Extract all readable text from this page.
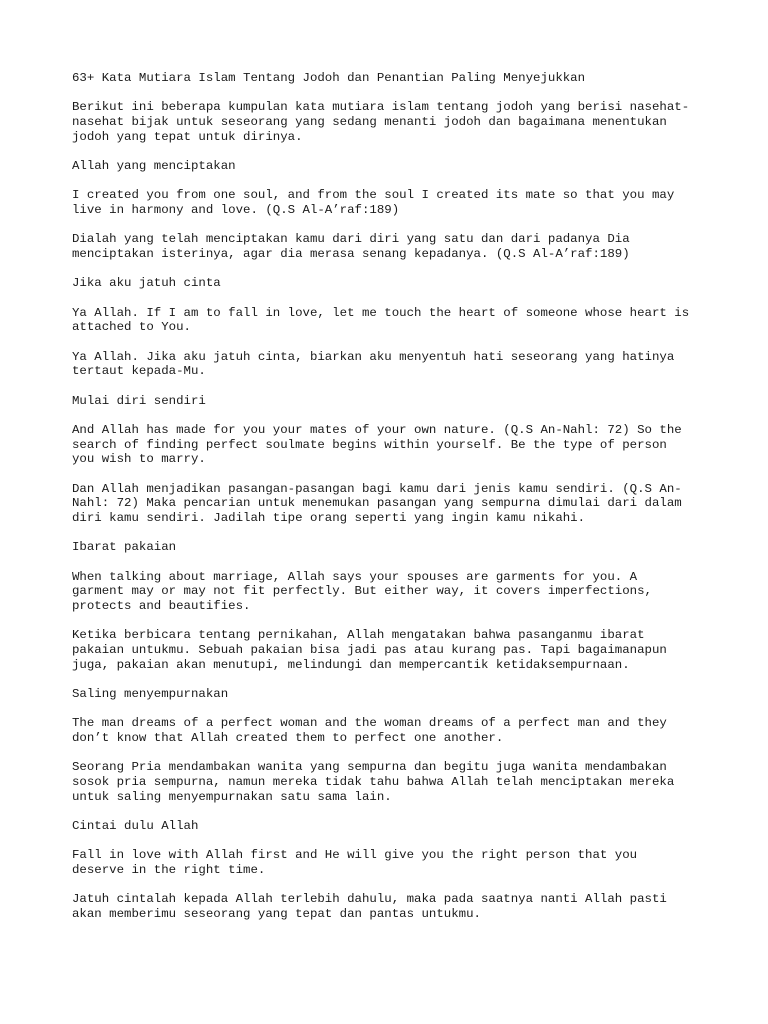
63+ Kata Mutiara Islam Tentang Jodoh dan Penantian Paling Menyejukkan

Berikut ini beberapa kumpulan kata mutiara islam tentang jodoh yang berisi nasehat-
nasehat bijak untuk seseorang yang sedang menanti jodoh dan bagaimana menentukan
jodoh yang tepat untuk dirinya.

Allah yang menciptakan

I created you from one soul, and from the soul I created its mate so that you may
live in harmony and love. (Q.S Al-A’raf:189)

Dialah yang telah menciptakan kamu dari diri yang satu dan dari padanya Dia
menciptakan isterinya, agar dia merasa senang kepadanya. (Q.S Al-A’raf:189)

Jika aku jatuh cinta

Ya Allah. If I am to fall in love, let me touch the heart of someone whose heart is
attached to You.

Ya Allah. Jika aku jatuh cinta, biarkan aku menyentuh hati seseorang yang hatinya
tertaut kepada-Mu.

Mulai diri sendiri

And Allah has made for you your mates of your own nature. (Q.S An-Nahl: 72) So the
search of finding perfect soulmate begins within yourself. Be the type of person
you wish to marry.

Dan Allah menjadikan pasangan-pasangan bagi kamu dari jenis kamu sendiri. (Q.S An-
Nahl: 72) Maka pencarian untuk menemukan pasangan yang sempurna dimulai dari dalam
diri kamu sendiri. Jadilah tipe orang seperti yang ingin kamu nikahi.

Ibarat pakaian

When talking about marriage, Allah says your spouses are garments for you. A
garment may or may not fit perfectly. But either way, it covers imperfections,
protects and beautifies.

Ketika berbicara tentang pernikahan, Allah mengatakan bahwa pasanganmu ibarat
pakaian untukmu. Sebuah pakaian bisa jadi pas atau kurang pas. Tapi bagaimanapun
juga, pakaian akan menutupi, melindungi dan mempercantik ketidaksempurnaan.

Saling menyempurnakan

The man dreams of a perfect woman and the woman dreams of a perfect man and they
don’t know that Allah created them to perfect one another.

Seorang Pria mendambakan wanita yang sempurna dan begitu juga wanita mendambakan
sosok pria sempurna, namun mereka tidak tahu bahwa Allah telah menciptakan mereka
untuk saling menyempurnakan satu sama lain.

Cintai dulu Allah

Fall in love with Allah first and He will give you the right person that you
deserve in the right time.

Jatuh cintalah kepada Allah terlebih dahulu, maka pada saatnya nanti Allah pasti
akan memberimu seseorang yang tepat dan pantas untukmu.
